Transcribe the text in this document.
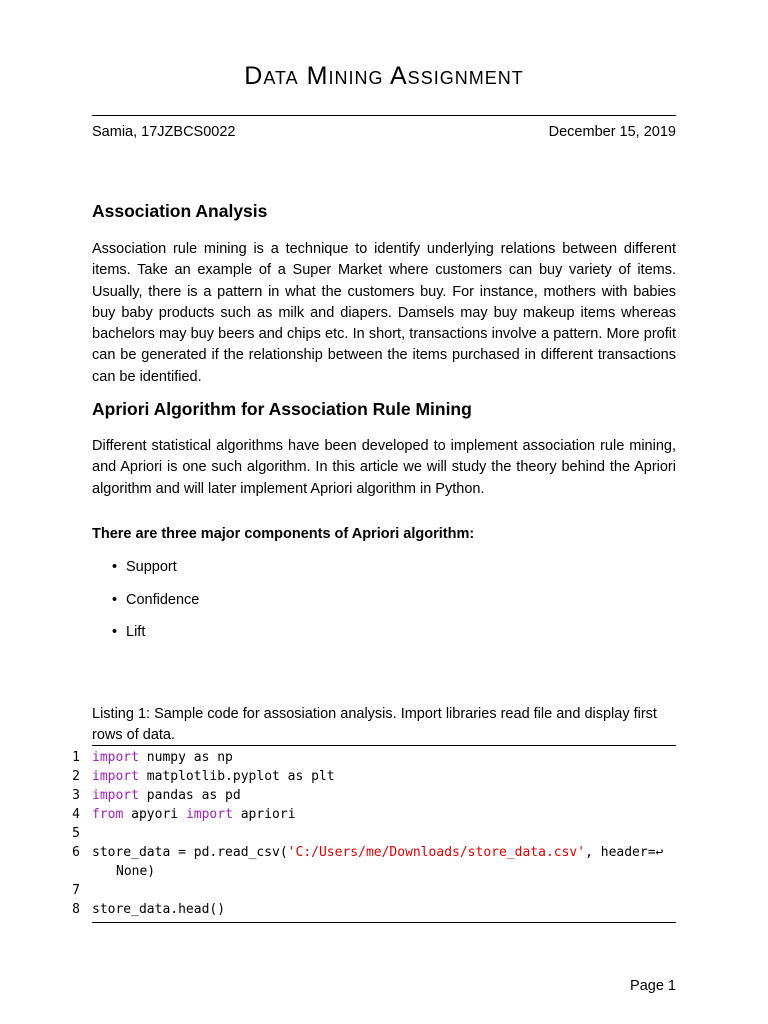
Data Mining Assignment
Samia, 17JZBCS0022	December 15, 2019
Association Analysis

Association rule mining is a technique to identify underlying relations between different items. Take an example of a Super Market where customers can buy variety of items. Usually, there is a pattern in what the customers buy. For instance, mothers with babies buy baby products such as milk and diapers. Damsels may buy makeup items whereas bachelors may buy beers and chips etc. In short, transactions involve a pattern. More profit can be generated if the relationship between the items purchased in different transactions can be identified.

Apriori Algorithm for Association Rule Mining

Different statistical algorithms have been developed to implement association rule mining, and Apriori is one such algorithm. In this article we will study the theory behind the Apriori algorithm and will later implement Apriori algorithm in Python.

There are three major components of Apriori algorithm:
• Support
• Confidence
• Lift

Listing 1: Sample code for assosiation analysis. Import libraries read file and display first rows of data.

1 import numpy as np
2 import matplotlib.pyplot as plt
3 import pandas as pd
4 from apyori import apriori
5
6 store_data = pd.read_csv('C:/Users/me/Downloads/store_data.csv', header=↩
None)
7
8 store_data.head()
Page 1
